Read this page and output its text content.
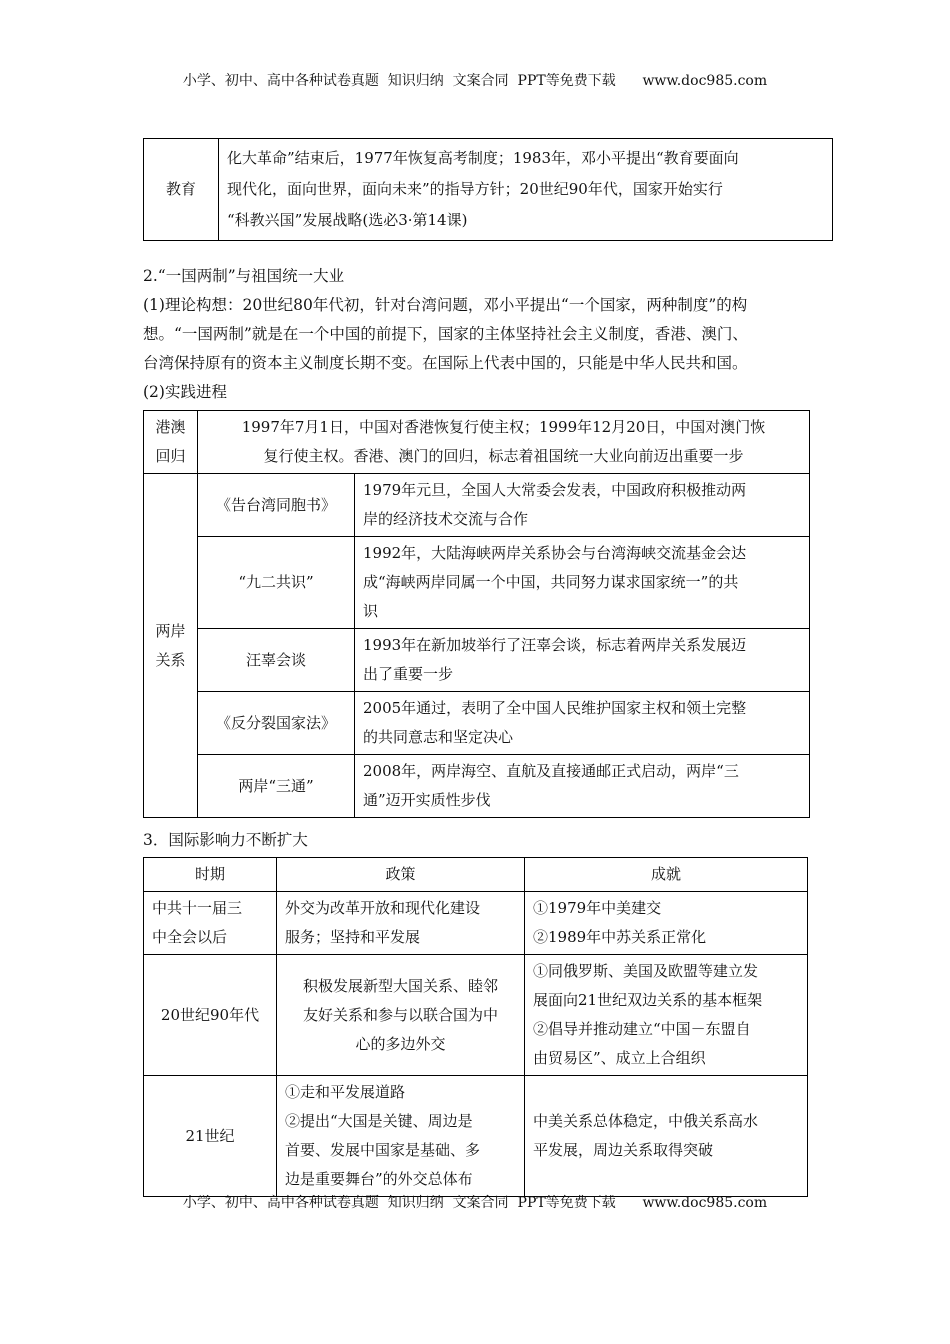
小学、初中、高中各种试卷真题  知识归纳  文案合同  PPT等免费下载      www.doc985.com
教育	
化大革命”结束后，1977年恢复高考制度；1983年，邓小平提出“教育要面向
现代化，面向世界，面向未来”的指导方针；20世纪90年代，国家开始实行
“科教兴国”发展战略(选必3·第14课)

2.“一国两制”与祖国统一大业

(1)理论构想：20世纪80年代初，针对台湾问题，邓小平提出“一个国家，两种制度”的构

想。“一国两制”就是在一个中国的前提下，国家的主体坚持社会主义制度，香港、澳门、

台湾保持原有的资本主义制度长期不变。在国际上代表中国的，只能是中华人民共和国。

(2)实践进程

港澳
回归	1997年7月1日，中国对香港恢复行使主权；1999年12月20日，中国对澳门恢
复行使主权。香港、澳门的回归，标志着祖国统一大业向前迈出重要一步	

两岸
关系	《告台湾同胞书》	1979年元旦，全国人大常委会发表，中国政府积极推动两
岸的经济技术交流与合作

	“九二共识”	1992年，大陆海峡两岸关系协会与台湾海峡交流基金会达
成“海峡两岸同属一个中国，共同努力谋求国家统一”的共
识

	汪辜会谈	1993年在新加坡举行了汪辜会谈，标志着两岸关系发展迈
出了重要一步

	《反分裂国家法》	2005年通过，表明了全中国人民维护国家主权和领土完整
的共同意志和坚定决心

	两岸“三通”	2008年，两岸海空、直航及直接通邮正式启动，两岸“三
通”迈开实质性步伐
3．国际影响力不断扩大
时期	政策	成就

中共十一届三
中全会以后	外交为改革开放和现代化建设
服务；坚持和平发展	①1979年中美建交
②1989年中苏关系正常化

20世纪90年代	积极发展新型大国关系、睦邻
友好关系和参与以联合国为中
心的多边外交	①同俄罗斯、美国及欧盟等建立发
展面向21世纪双边关系的基本框架
②倡导并推动建立“中国－东盟自
由贸易区”、成立上合组织

21世纪	①走和平发展道路
②提出“大国是关键、周边是
首要、发展中国家是基础、多
边是重要舞台”的外交总体布	中美关系总体稳定，中俄关系高水
平发展，周边关系取得突破
小学、初中、高中各种试卷真题  知识归纳  文案合同  PPT等免费下载      www.doc985.com
